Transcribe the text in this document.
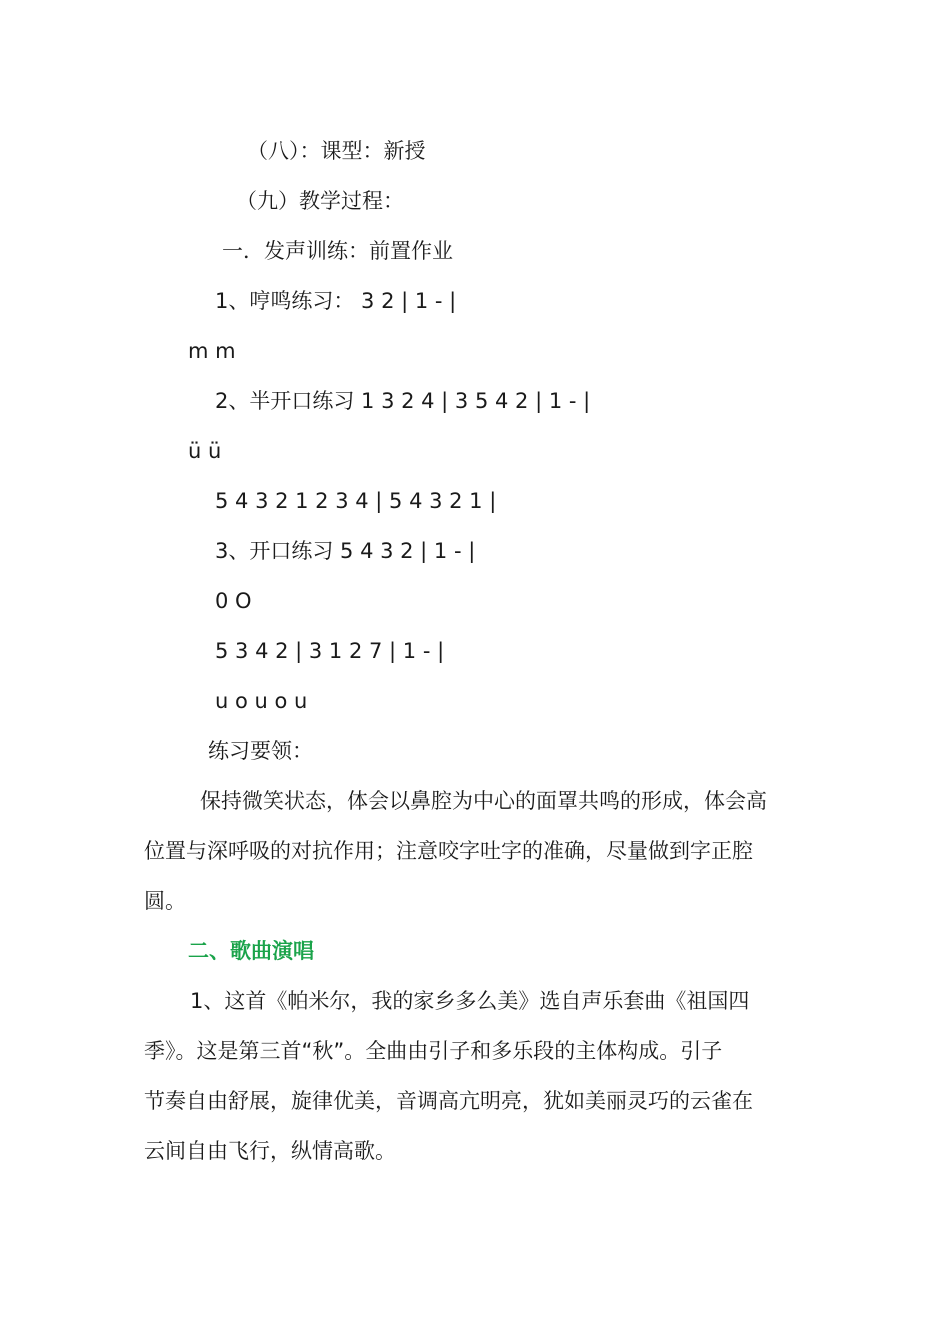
（八）：课型：新授
（九）教学过程：
一．发声训练：前置作业
1、哼鸣练习： 3 2 | 1 - |
m m
2、半开口练习 1 3 2 4 | 3 5 4 2 | 1 - |
ü ü
5 4 3 2 1 2 3 4 | 5 4 3 2 1 |
3、开口练习 5 4 3 2 | 1 - |
0 O
5 3 4 2 | 3 1 2 7 | 1 - |
u o u o u
练习要领：
保持微笑状态，体会以鼻腔为中心的面罩共鸣的形成，体会高
位置与深呼吸的对抗作用；注意咬字吐字的准确，尽量做到字正腔
圆。
二、歌曲演唱
1、这首《帕米尔，我的家乡多么美》选自声乐套曲《祖国四
季》。这是第三首“秋”。全曲由引子和多乐段的主体构成。引子
节奏自由舒展，旋律优美，音调高亢明亮，犹如美丽灵巧的云雀在
云间自由飞行，纵情高歌。
